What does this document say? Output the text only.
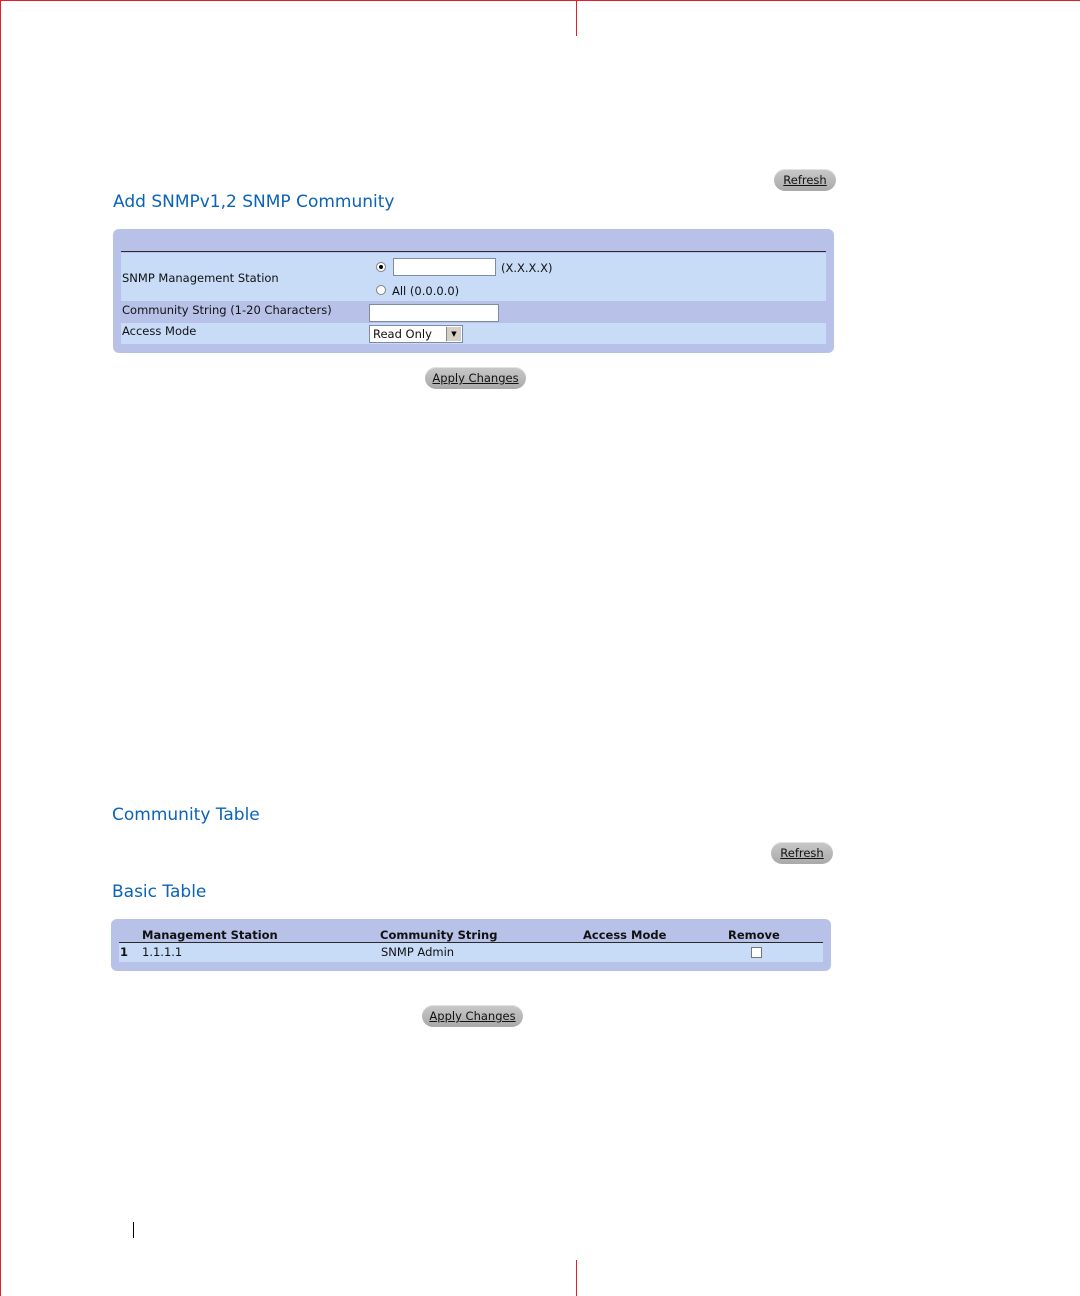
Refresh
Add SNMPv1,2 SNMP Community
SNMP Management Station
(X.X.X.X)
All (0.0.0.0)
Community String (1-20 Characters)
Access Mode	Read Only	▼
Apply Changes
Community Table
Refresh
Basic Table
Management Station	Community String	Access Mode	Remove
1 1.1.1.1	SNMP Admin
Apply Changes
